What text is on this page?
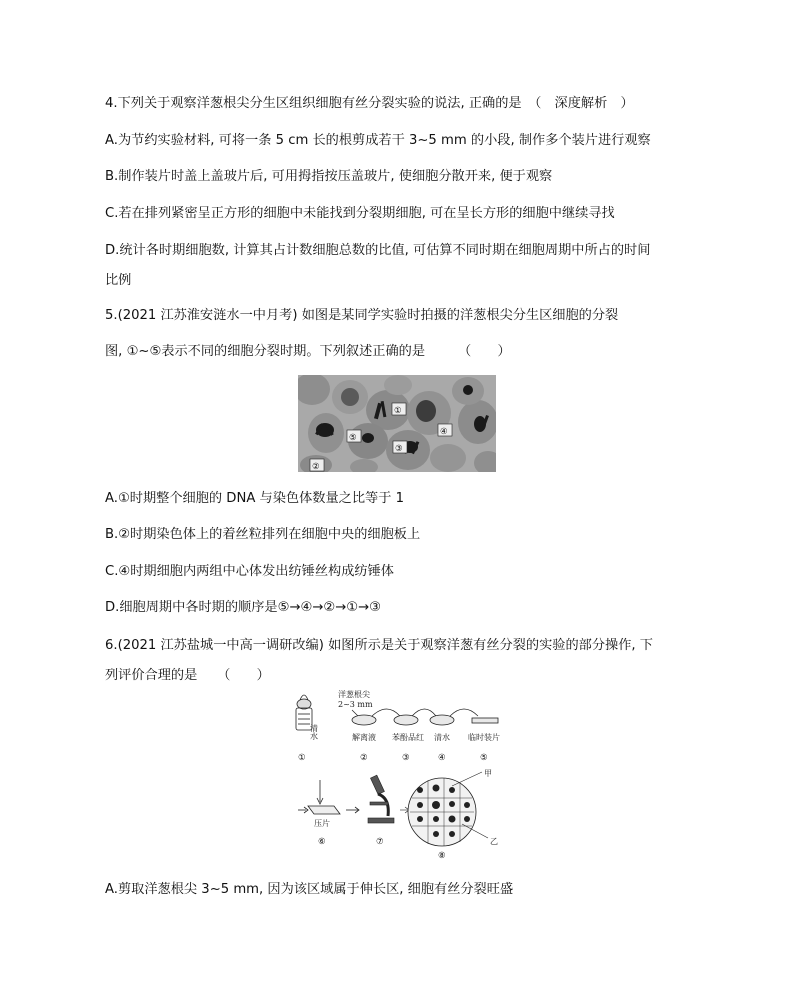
4.下列关于观察洋葱根尖分生区组织细胞有丝分裂实验的说法, 正确的是　（　深度解析　）
A.为节约实验材料, 可将一条 5 cm 长的根剪成若干 3~5 mm 的小段, 制作多个装片进行观察
B.制作装片时盖上盖玻片后, 可用拇指按压盖玻片, 使细胞分散开来, 便于观察
C.若在排列紧密呈正方形的细胞中未能找到分裂期细胞, 可在呈长方形的细胞中继续寻找
D.统计各时期细胞数, 计算其占计数细胞总数的比值, 可估算不同时期在细胞周期中所占的时间
比例
5.(2021 江苏淮安涟水一中月考) 如图是某同学实验时拍摄的洋葱根尖分生区细胞的分裂
图, ①~⑤表示不同的细胞分裂时期。下列叙述正确的是　　　（　　）
①
②
③
④
⑤
A.①时期整个细胞的 DNA 与染色体数量之比等于 1
B.②时期染色体上的着丝粒排列在细胞中央的细胞板上
C.④时期细胞内两组中心体发出纺锤丝构成纺锤体
D.细胞周期中各时期的顺序是⑤→④→②→①→③
6.(2021 江苏盐城一中高一调研改编) 如图所示是关于观察洋葱有丝分裂的实验的部分操作, 下
列评价合理的是　　（　　）
清水
洋葱根尖
2~3 mm
解离液 苯酚品红 清水 临时装片
①	②	③	④	⑤
压片
甲
乙
⑥	⑦
⑧
A.剪取洋葱根尖 3~5 mm, 因为该区域属于伸长区, 细胞有丝分裂旺盛
